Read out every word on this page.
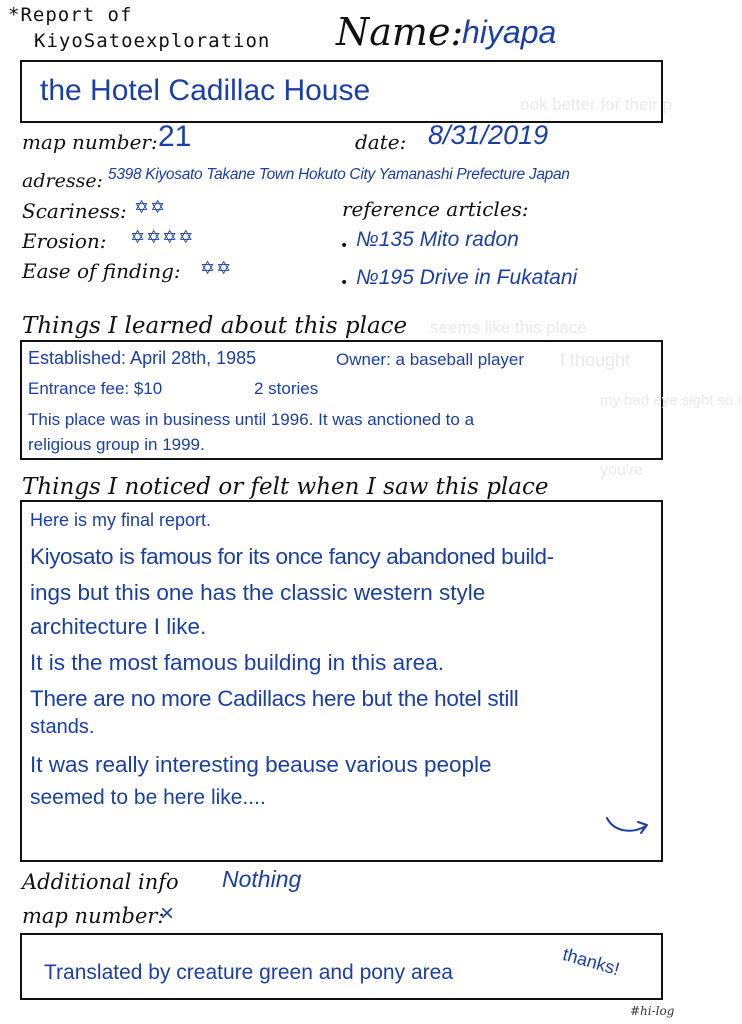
*Report of
KiyoSatoexploration Name:
hiyapa
the Hotel Cadillac House	ook better for their p
map number: 21	date: 8/31/2019
adresse: 5398 Kiyosato Takane Town Hokuto City Yamanashi Prefecture Japan
Scariness: ✡✡
Erosion: ✡✡✡✡
Ease of finding: ✡✡
reference articles:
• №135 Mito radon
• №195 Drive in Fukatani
Things I learned about this place seems like this place
Established: April 28th, 1985	Owner: a baseball player
Entrance fee: $10	2 stories
This place was in business until 1996. It was anctioned to a
religious group in 1999.
I thought
my bad eye sight so I
Things I noticed or felt when I saw this place
you're
Here is my final report.
Kiyosato is famous for its once fancy abandoned build-
ings but this one has the classic western style
architecture I like.
It is the most famous building in this area.
There are no more Cadillacs here but the hotel still
stands.
It was really interesting beause various people
seemed to be here like....
Additional info Nothing
map number:
×
Translated by creature green and pony area	thanks!
#hi-log
